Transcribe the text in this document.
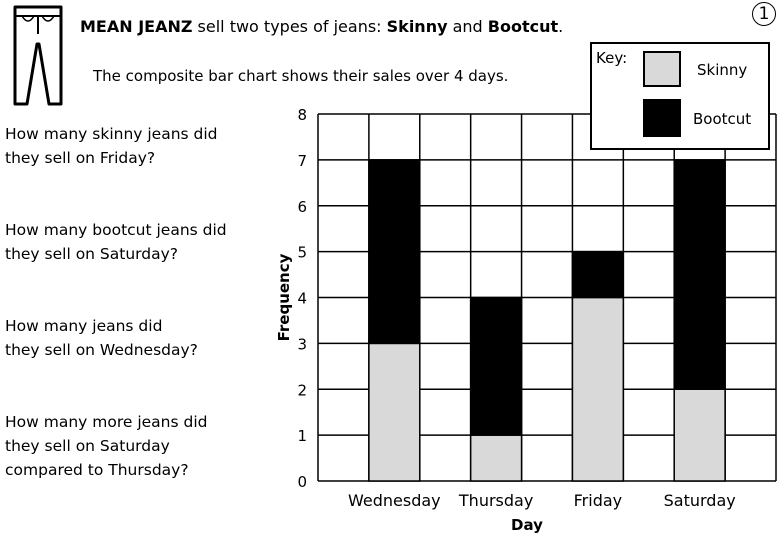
MEAN JEANZ sell two types of jeans: Skinny and Bootcut.
The composite bar chart shows their sales over 4 days.
1
How many skinny jeans did
they sell on Friday?
How many bootcut jeans did
they sell on Saturday?
How many jeans did
they sell on Wednesday?
How many more jeans did
they sell on Saturday
compared to Thursday?
Wednesday Thursday	Friday	Saturday
0
1
2
3
4
5
6
7
8
Day
Frequency
Key:
Skinny
Bootcut
